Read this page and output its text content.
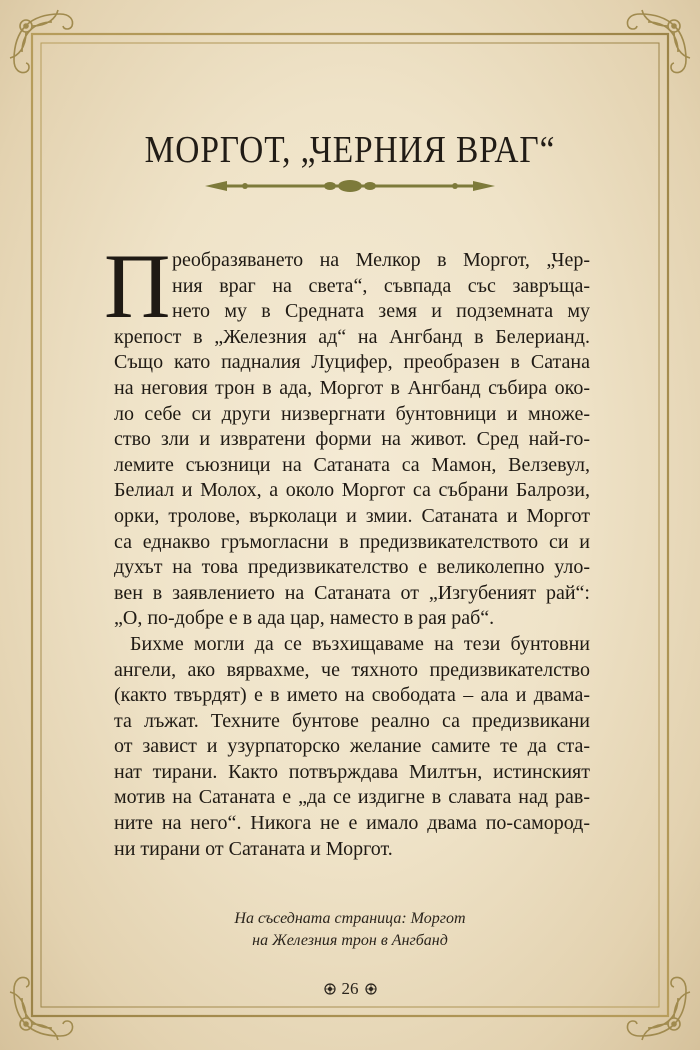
МОРГОТ, „ЧЕРНИЯ ВРАГ“
П реобразяването на Мелкор в Моргот, „Чер-
ния враг на света“, съвпада със завръща-
нето му в Средната земя и подземната му
крепост в „Железния ад“ на Ангбанд в Белерианд.
Също като падналия Луцифер, преобразен в Сатана
на неговия трон в ада, Моргот в Ангбанд събира око-
ло себе си други низвергнати бунтовници и множе-
ство зли и извратени форми на живот. Сред най-го-
лемите съюзници на Сатаната са Мамон, Велзевул,
Белиал и Молох, а около Моргот са събрани Балрози,
орки, тролове, върколаци и змии. Сатаната и Моргот
са еднакво гръмогласни в предизвикателството си и
духът на това предизвикателство е великолепно уло-
вен в заявлението на Сатаната от „Изгубеният рай“:
„О, по-добре е в ада цар, наместо в рая раб“.
Бихме могли да се възхищаваме на тези бунтовни
ангели, ако вярвахме, че тяхното предизвикателство
(както твърдят) е в името на свободата – ала и двама-
та лъжат. Техните бунтове реално са предизвикани
от завист и узурпаторско желание самите те да ста-
нат тирани. Както потвърждава Милтън, истинският
мотив на Сатаната е „да се издигне в славата над рав-
ните на него“. Никога не е имало двама по-самород-
ни тирани от Сатаната и Моргот.
На съседната страница: Моргот
на Железния трон в Ангбанд
26
